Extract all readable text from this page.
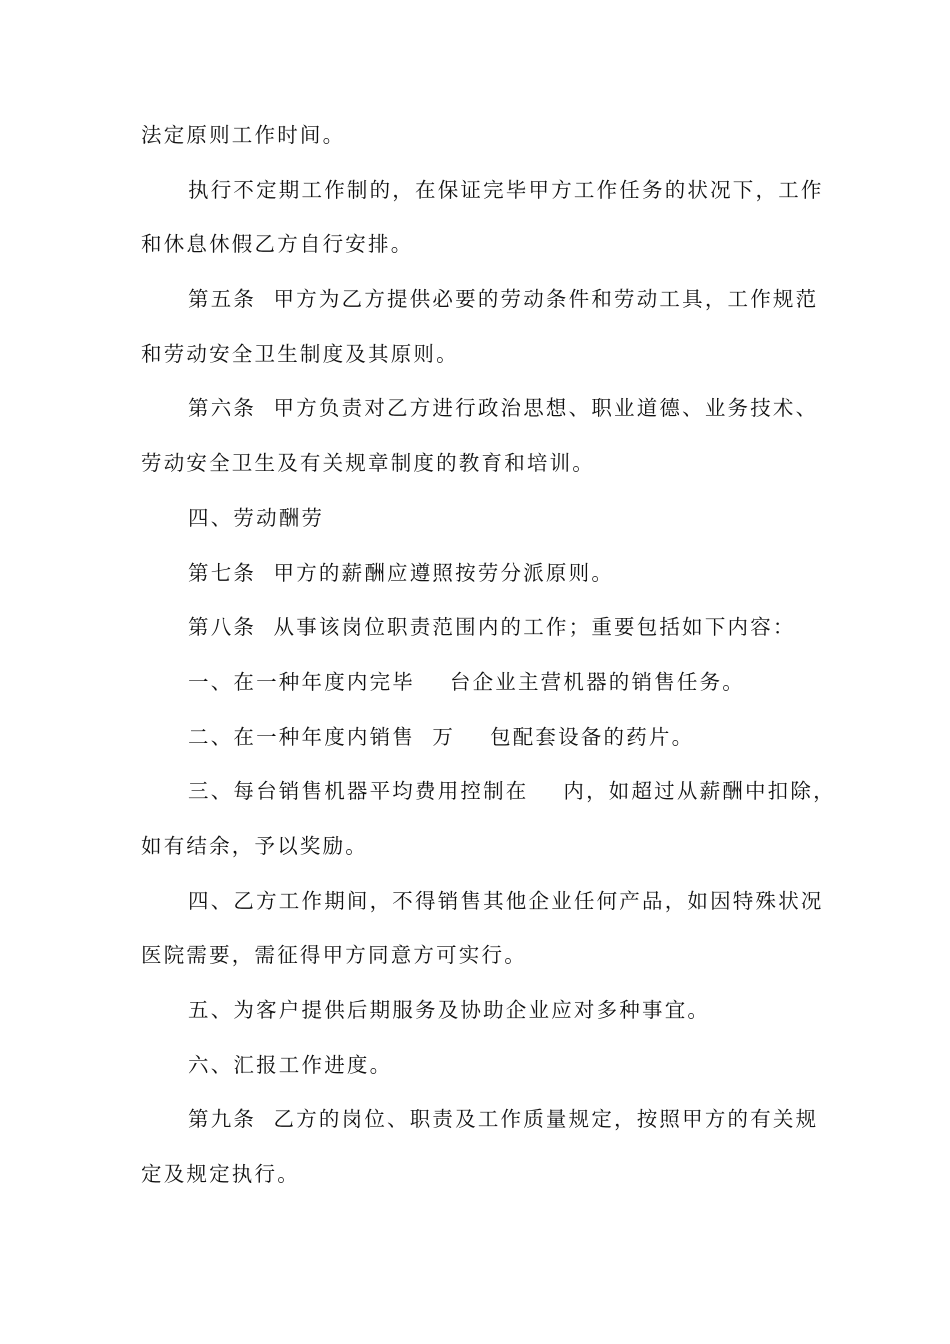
法定原则工作时间。

执行不定期工作制的，在保证完毕甲方工作任务的状况下，工作

和休息休假乙方自行安排。

第五条  甲方为乙方提供必要的劳动条件和劳动工具，工作规范

和劳动安全卫生制度及其原则。

第六条  甲方负责对乙方进行政治思想、职业道德、业务技术、

劳动安全卫生及有关规章制度的教育和培训。

四、劳动酬劳

第七条  甲方的薪酬应遵照按劳分派原则。

第八条  从事该岗位职责范围内的工作；重要包括如下内容：

一、在一种年度内完毕    台企业主营机器的销售任务。

二、在一种年度内销售  万    包配套设备的药片。

三、每台销售机器平均费用控制在    内，如超过从薪酬中扣除，

如有结余，予以奖励。

四、乙方工作期间，不得销售其他企业任何产品，如因特殊状况

医院需要，需征得甲方同意方可实行。

五、为客户提供后期服务及协助企业应对多种事宜。

六、汇报工作进度。

第九条  乙方的岗位、职责及工作质量规定，按照甲方的有关规

定及规定执行。
